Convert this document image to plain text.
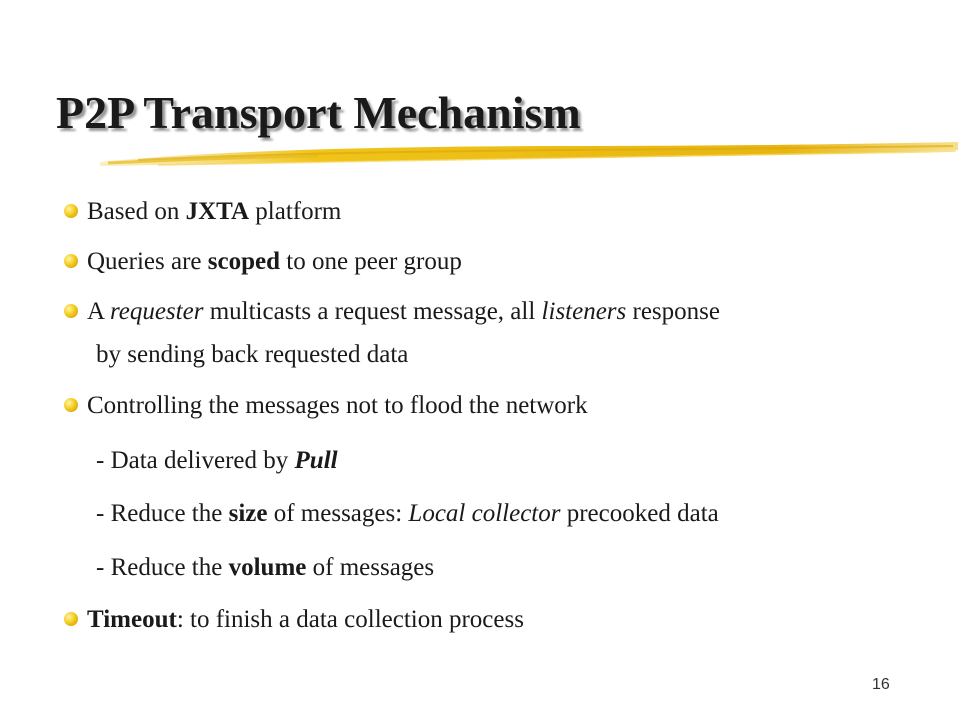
P2P Transport Mechanism
Based on JXTA platform
Queries are scoped to one peer group
A requester multicasts a request message, all listeners response
by sending back requested data
Controlling the messages not to flood the network
- Data delivered by Pull
- Reduce the size of messages: Local collector precooked data
- Reduce the volume of messages
Timeout: to finish a data collection process
16
